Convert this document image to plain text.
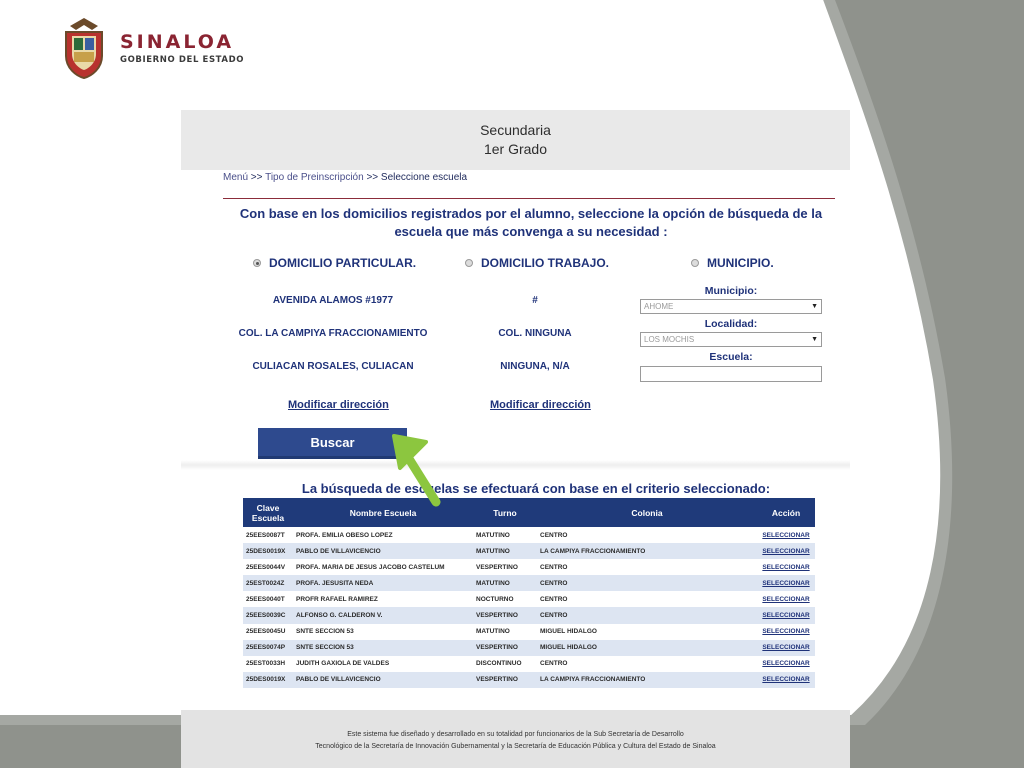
SINALOA
GOBIERNO DEL ESTADO
Secundaria
1er Grado
Menú >> Tipo de Preinscripción >> Seleccione escuela
Con base en los domicilios registrados por el alumno, seleccione la opción de búsqueda de la escuela que más convenga a su necesidad :
DOMICILIO PARTICULAR.	DOMICILIO TRABAJO.	MUNICIPIO.
AVENIDA ALAMOS #1977
COL. LA CAMPIYA FRACCIONAMIENTO
CULIACAN ROSALES, CULIACAN
Modificar dirección
#
COL. NINGUNA
NINGUNA, N/A
Modificar dirección
Municipio:
AHOME	▼
Localidad:
LOS MOCHIS	▼
Escuela:
Buscar
La búsqueda de escuelas se efectuará con base en el criterio seleccionado:
Clave Escuela	Nombre Escuela	Turno	Colonia	Acción
25EES0087T	PROFA. EMILIA OBESO LOPEZ	MATUTINO	CENTRO	SELECCIONAR
25DES0019X	PABLO DE VILLAVICENCIO	MATUTINO	LA CAMPIYA FRACCIONAMIENTO	SELECCIONAR
25EES0044V	PROFA. MARIA DE JESUS JACOBO CASTELUM	VESPERTINO	CENTRO	SELECCIONAR
25EST0024Z	PROFA. JESUSITA NEDA	MATUTINO	CENTRO	SELECCIONAR
25EES0040T	PROFR RAFAEL RAMIREZ	NOCTURNO	CENTRO	SELECCIONAR
25EES0039C	ALFONSO G. CALDERON V.	VESPERTINO	CENTRO	SELECCIONAR
25EES0045U	SNTE SECCION 53	MATUTINO	MIGUEL HIDALGO	SELECCIONAR
25EES0074P	SNTE SECCION 53	VESPERTINO	MIGUEL HIDALGO	SELECCIONAR
25EST0033H	JUDITH GAXIOLA DE VALDES	DISCONTINUO	CENTRO	SELECCIONAR
25DES0019X	PABLO DE VILLAVICENCIO	VESPERTINO	LA CAMPIYA FRACCIONAMIENTO	SELECCIONAR
Este sistema fue diseñado y desarrollado en su totalidad por funcionarios de la Sub Secretaría de Desarrollo
Tecnológico de la Secretaría de Innovación Gubernamental y la Secretaría de Educación Pública y Cultura del Estado de Sinaloa
